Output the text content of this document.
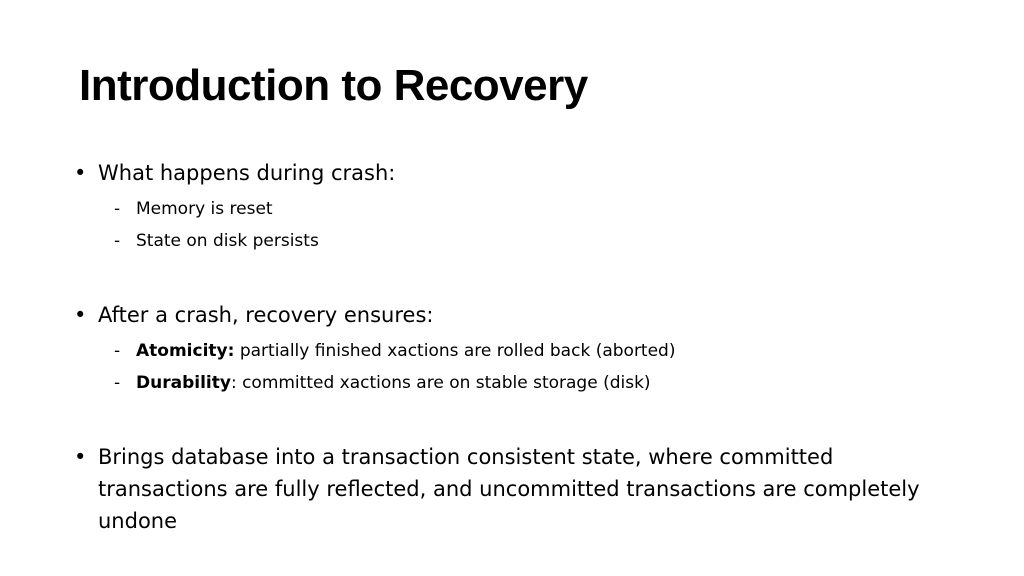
Introduction to Recovery
• What happens during crash:
- Memory is reset
- State on disk persists
• After a crash, recovery ensures:
- Atomicity: partially finished xactions are rolled back (aborted)
- Durability: committed xactions are on stable storage (disk)
• Brings database into a transaction consistent state, where committed transactions are fully reflected, and uncommitted transactions are completely undone
